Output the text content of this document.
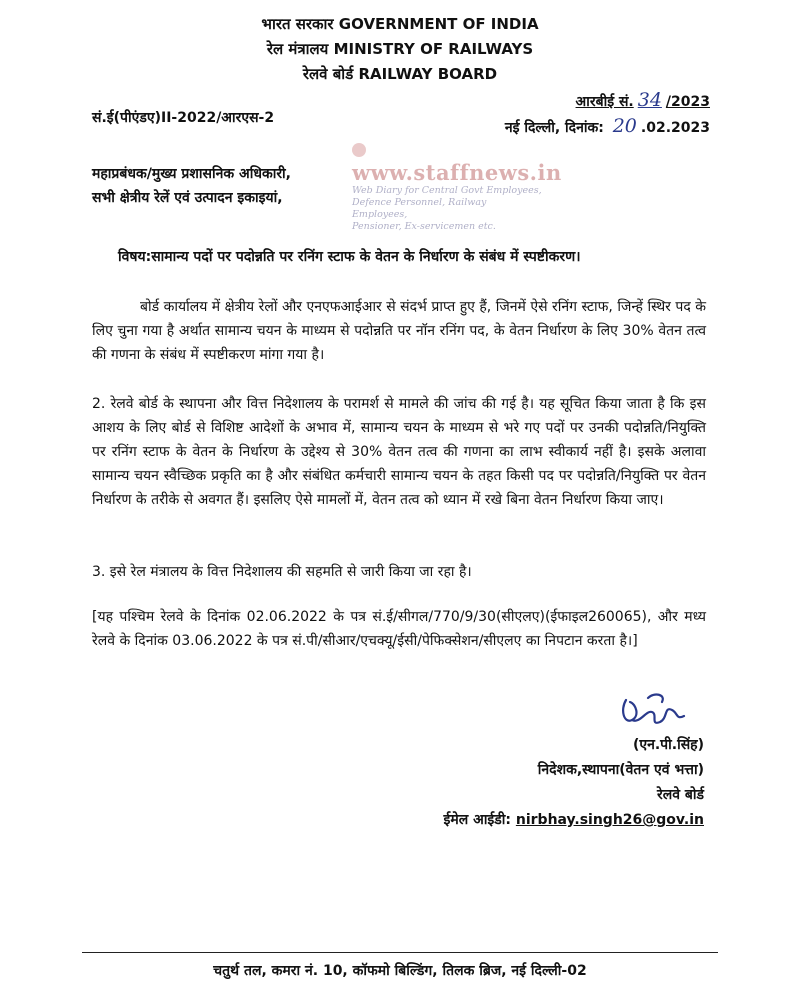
भारत सरकार GOVERNMENT OF INDIA
रेल मंत्रालय MINISTRY OF RAILWAYS
रेलवे बोर्ड RAILWAY BOARD
आरबीई सं. 34 /2023
नई दिल्ली, दिनांक: 20 .02.2023
सं.ई(पीएंडए)II-2022/आरएस-2
www.staffnews.in
Web Diary for Central Govt Employees,
Defence Personnel, Railway Employees,
Pensioner, Ex-servicemen etc.
महाप्रबंधक/मुख्य प्रशासनिक अधिकारी,
सभी क्षेत्रीय रेलें एवं उत्पादन इकाइयां,
विषय:सामान्य पदों पर पदोन्नति पर रनिंग स्टाफ के वेतन के निर्धारण के संबंध में स्पष्टीकरण।
बोर्ड कार्यालय में क्षेत्रीय रेलों और एनएफआईआर से संदर्भ प्राप्त हुए हैं, जिनमें ऐसे रनिंग स्टाफ, जिन्हें स्थिर पद के लिए चुना गया है अर्थात सामान्य चयन के माध्यम से पदोन्नति पर नॉन रनिंग पद, के वेतन निर्धारण के लिए 30% वेतन तत्व की गणना के संबंध में स्पष्टीकरण मांगा गया है।
2. रेलवे बोर्ड के स्थापना और वित्त निदेशालय के परामर्श से मामले की जांच की गई है। यह सूचित किया जाता है कि इस आशय के लिए बोर्ड से विशिष्ट आदेशों के अभाव में, सामान्य चयन के माध्यम से भरे गए पदों पर उनकी पदोन्नति/नियुक्ति पर रनिंग स्टाफ के वेतन के निर्धारण के उद्देश्य से 30% वेतन तत्व की गणना का लाभ स्वीकार्य नहीं है। इसके अलावा सामान्य चयन स्वैच्छिक प्रकृति का है और संबंधित कर्मचारी सामान्य चयन के तहत किसी पद पर पदोन्नति/नियुक्ति पर वेतन निर्धारण के तरीके से अवगत हैं। इसलिए ऐसे मामलों में, वेतन तत्व को ध्यान में रखे बिना वेतन निर्धारण किया जाए।
3. इसे रेल मंत्रालय के वित्त निदेशालय की सहमति से जारी किया जा रहा है।
[यह पश्चिम रेलवे के दिनांक 02.06.2022 के पत्र सं.ई/सीगल/770/9/30(सीएलए)(ईफाइल260065), और मध्य रेलवे के दिनांक 03.06.2022 के पत्र सं.पी/सीआर/एचक्यू/ईसी/पेफिक्सेशन/सीएलए का निपटान करता है।]
(एन.पी.सिंह)
निदेशक,स्थापना(वेतन एवं भत्ता)
रेलवे बोर्ड
ईमेल आईडी: nirbhay.singh26@gov.in
चतुर्थ तल, कमरा नं. 10, कॉफमो बिल्डिंग, तिलक ब्रिज, नई दिल्ली-02
